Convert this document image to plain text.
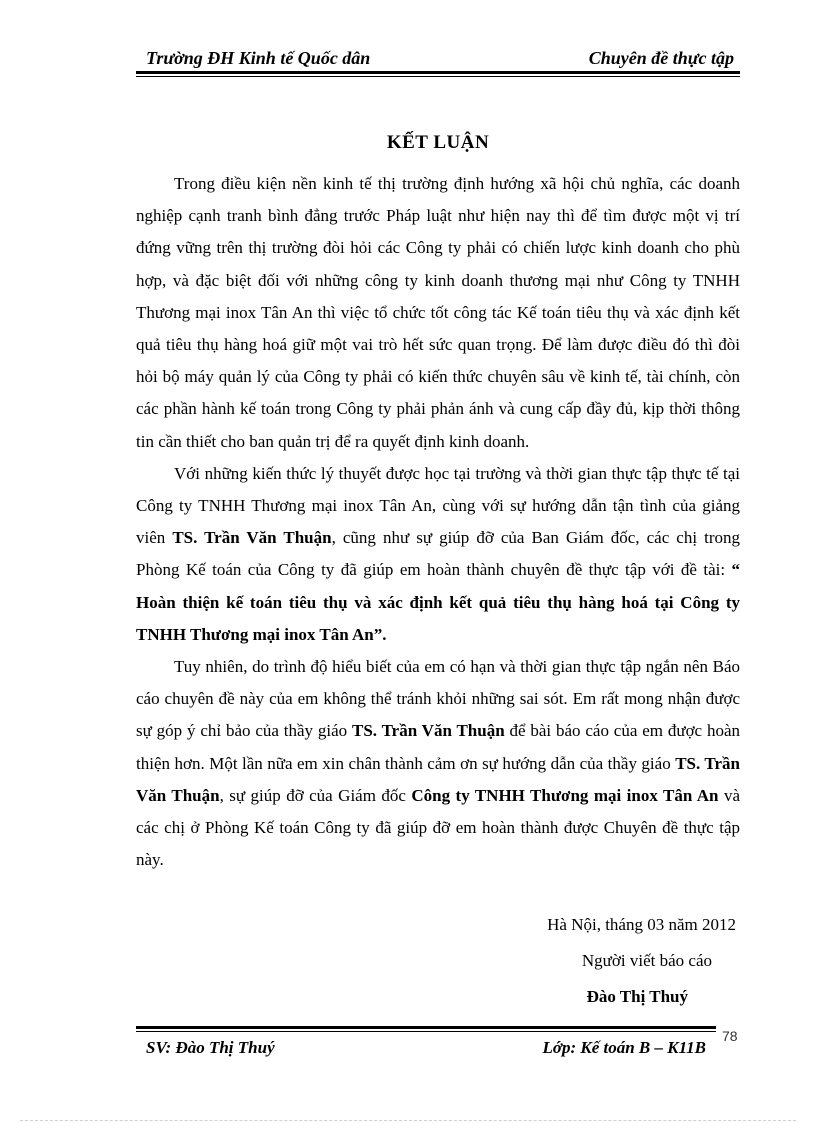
Trường ĐH Kinh tế Quốc dân	Chuyên đề thực tập
KẾT LUẬN

Trong điều kiện nền kinh tế thị trường định hướng xã hội chủ nghĩa, các doanh nghiệp cạnh tranh bình đẳng trước Pháp luật như hiện nay thì để tìm được một vị trí đứng vững trên thị trường đòi hỏi các Công ty phải có chiến lược kinh doanh cho phù hợp, và đặc biệt đối với những công ty kinh doanh thương mại như Công ty TNHH Thương mại inox Tân An thì việc tổ chức tốt công tác Kế toán tiêu thụ và xác định kết quả tiêu thụ hàng hoá giữ một vai trò hết sức quan trọng. Để làm được điều đó thì đòi hỏi bộ máy quản lý của Công ty phải có kiến thức chuyên sâu về kinh tế, tài chính, còn các phần hành kế toán trong Công ty phải phản ánh và cung cấp đầy đủ, kịp thời thông tin cần thiết cho ban quản trị để ra quyết định kinh doanh.

Với những kiến thức lý thuyết được học tại trường và thời gian thực tập thực tế tại Công ty TNHH Thương mại inox Tân An, cùng với sự hướng dẫn tận tình của giảng viên TS. Trần Văn Thuận, cũng như sự giúp đỡ của Ban Giám đốc, các chị trong Phòng Kế toán của Công ty đã giúp em hoàn thành chuyên đề thực tập với đề tài: “ Hoàn thiện kế toán tiêu thụ và xác định kết quả tiêu thụ hàng hoá tại Công ty TNHH Thương mại inox Tân An”.

Tuy nhiên, do trình độ hiểu biết của em có hạn và thời gian thực tập ngắn nên Báo cáo chuyên đề này của em không thể tránh khỏi những sai sót. Em rất mong nhận được sự góp ý chỉ bảo của thầy giáo TS. Trần Văn Thuận để bài báo cáo của em được hoàn thiện hơn. Một lần nữa em xin chân thành cảm ơn sự hướng dẫn của thầy giáo TS. Trần Văn Thuận, sự giúp đỡ của Giám đốc Công ty TNHH Thương mại inox Tân An và các chị ở Phòng Kế toán Công ty đã giúp đỡ em hoàn thành được Chuyên đề thực tập này.

Hà Nội, tháng 03 năm 2012
Người viết báo cáo
Đào Thị Thuý
78
SV: Đào Thị Thuý	Lớp: Kế toán B – K11B
